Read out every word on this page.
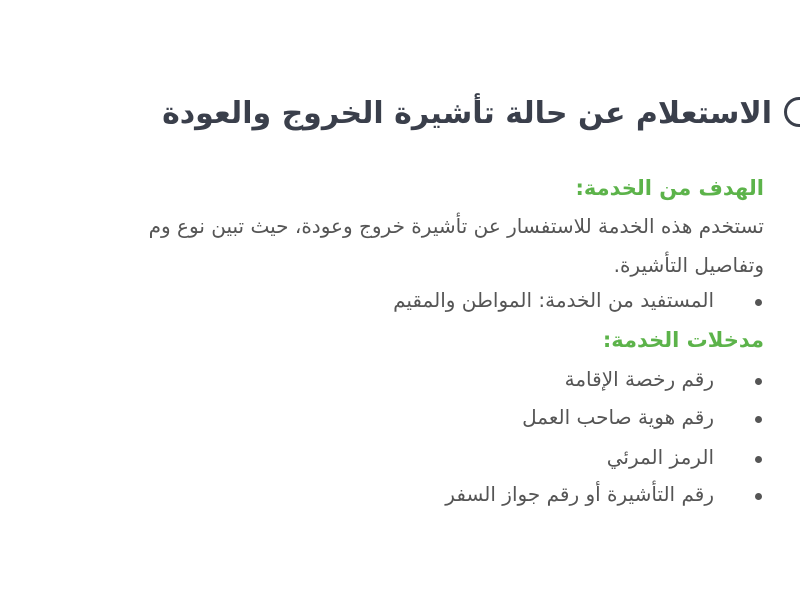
الاستعلام عن حالة تأشيرة الخروج والعودة
الهدف من الخدمة:

تستخدم هذه الخدمة للاستفسار عن تأشيرة خروج وعودة، حيث تبين نوع وم

وتفاصيل التأشيرة.

المستفيد من الخدمة: المواطن والمقيم

مدخلات الخدمة:

رقم رخصة الإقامة

رقم هوية صاحب العمل

الرمز المرئي

رقم التأشيرة أو رقم جواز السفر
